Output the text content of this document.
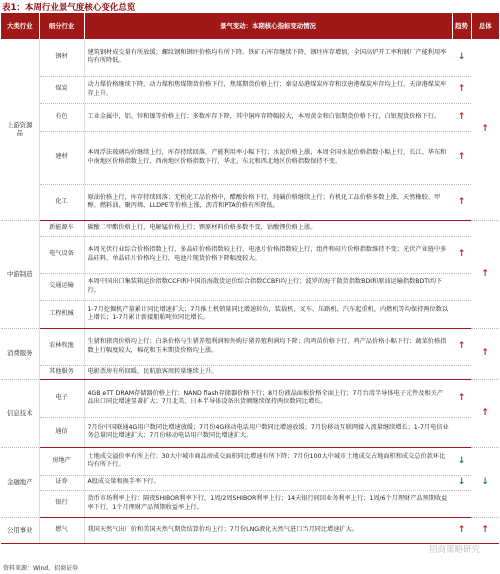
表1：本周行业景气度核心变化总览
大类行业	细分行业	景气变动：本期核心指标变动情况	趋势	总体
上游资源品	钢材	建筑钢材成交量有所放缓；螺纹钢和钢坯价格均有所下降。铁矿石库存继续下降，钢坯库存增加，全国高炉开工率和钢厂产能利用率均有所降低。	↓	↑
	煤炭	动力煤价格继续下降，动力煤和焦煤期货价格下行，焦煤期货价格上行；秦皇岛港煤炭库存和京唐港煤炭库存均上行，天津港煤炭库存上升。	↑	
	有色	工业金属中，铝、锌和镍等价格上行；多数库存下降，其中铜库存降幅较大，本周黄金和白银期货价格下行，白银现货价格下行。	↑	
	建材	本周浮法玻璃均价继续上行，库存持续回落，产能利用率小幅下行；水泥价格上涨，本周全国水泥价格指数小幅上行，长江、华东和中南地区价格指数上行，西南地区价格指数下行，华北、东北和西北地区价格指数保持不变。	↑	
	化工	原油价格上行，库存持续回落；无机化工品价格中，醋酸价格下行，纯碱价格继续上行；有机化工品价格多数上涨，天然橡胶、甲醇、燃料油、聚丙烯、LLDPE等价格上涨，沥青和PTA价格有所降低。	↑	
中游制造	新能源车	碳酸二甲酯价格上行，电解锰价格上行；锂原材料价格多数不变，钴酸锂价格上涨。		↑
	电气设备	本周光伏行业综合价格指数上行，多晶硅价格指数较上行，电池片价格指数较上行，组件和硅片价格指数维持不变；光伏产业链中多晶硅料、单晶硅片价格均上行，电池片现货价格下降幅度较大。	↑	
	交通运输	本周中国出口集装箱运价指数CCFI和中国沿海散货运价综合指数CCBFI均上行；波罗的海干散货指数BDI和原油运输指数BDTI均下行。		
	工程机械	1-7月挖掘机产量累计同比增速扩大；7月推土机销量同比增速转负，装载机、叉车、压路机、汽车起重机、内燃机等均保持两位数以上增长；1-7月累计新接船舶吨位同比增长。		
消费服务	农林牧渔	生猪和猪肉价格均上行；白条价格与生猪养殖利润和外购仔猪养殖利润均下降；肉鸡苗价格下行，鸡产品价格小幅下行；蔬菜价格指数上行幅度较大，棉花和玉米期货价格均上涨。	↑	↑
	其他服务	电影票房有所回暖，民航旅客周转量继续上升。		
信息技术	电子	4GB eTT DRAM存储器价格上行；NAND flash存储器价格下行；8月份液晶面板价格全面上行；7月台湾半导体电子元件及相关产品出口同比增速显著扩大；7月北美、日本半导体设备出货额继续保持两位数同比增长。	↑	↑
	通信	7月份中国联通4G用户数同比增速放缓；7月份4G移动电话用户数同比增速放缓；7月份移动互联网接入流量继续增长；1-7月电信业务总量同比增速扩大；7月份移动电话用户数同比增速扩大。		
金融地产	房地产	土地成交溢价率有所上行；30大中城市商品房成交面积同比增速有所下降；7月份100大中城市土地成交占地面积和成交总价款环比均有所下行。	↓	↓
	证券	A股成交量和换手率下行。	↓	
	银行	货币市场利率上行：隔夜SHIBOR利率下行，1周/2周SHIBOR利率上行；14天银行间回业务利率上行；1周/6个月理财产品预期收益率下行，1个月理财产品预期收益率上行。		
公用事业	燃气	我国天然气出厂价和美国天然气期货结算价均上行；7月份LNG液化天然气进口当月同比增速扩大。	↑	↑
资料来源：Wind，招商证券
招商策略研究
